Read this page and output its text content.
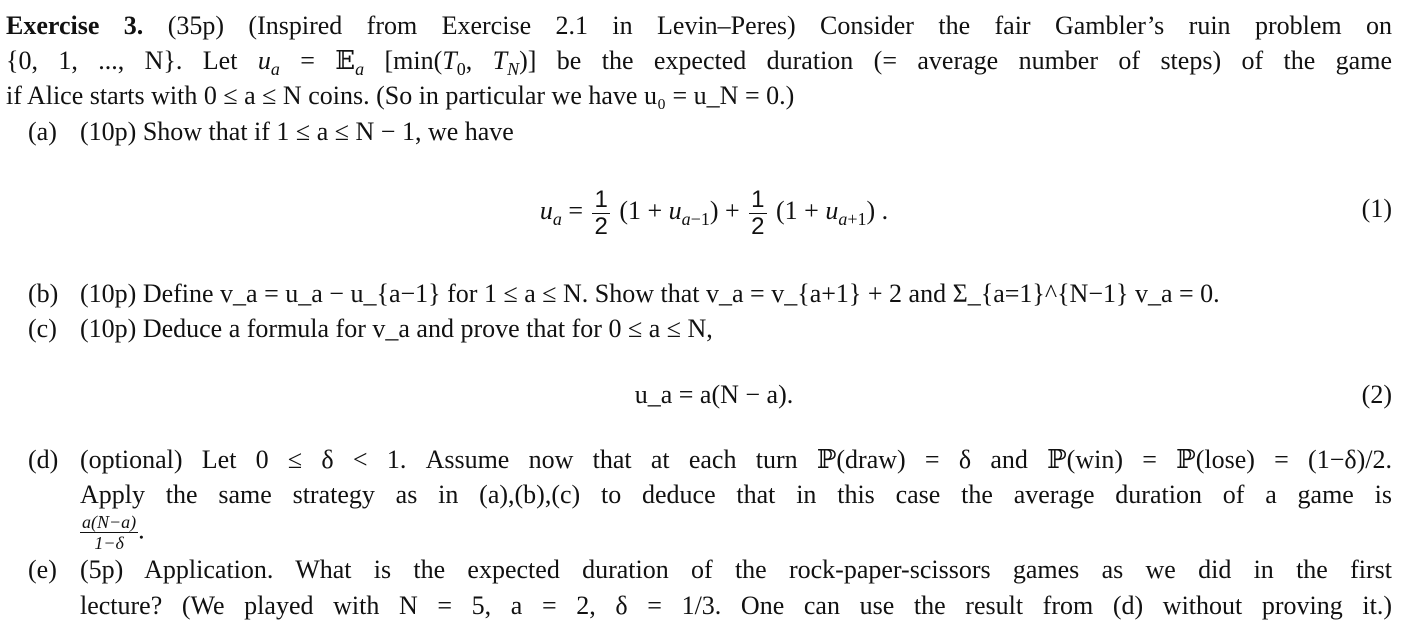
Exercise 3. (35p) (Inspired from Exercise 2.1 in Levin–Peres) Consider the fair Gambler’s ruin problem on
{0, 1, ..., N}. Let $u_a$ = 𝔼$_a$ [$\min(T_0$, $T_N$)] be the expected duration (= average number of steps) of the game
if Alice starts with 0 ≤ a ≤ N coins. (So in particular we have u₀ = u_N = 0.)
(a) (10p) Show that if 1 ≤ a ≤ N − 1, we have
$u_a = \frac{1}{2} (1 + u_{a-1}) + \frac{1}{2} (1 + u_{a+1})$ .	(1)
(b) (10p) Define v_a = u_a − u_{a−1} for 1 ≤ a ≤ N. Show that v_a = v_{a+1} + 2 and Σ_{a=1}^{N−1} v_a = 0.
(c) (10p) Deduce a formula for v_a and prove that for 0 ≤ a ≤ N,
u_a = a(N − a).	(2)
(d) (optional) Let 0 ≤ δ < 1. Assume now that at each turn ℙ(draw) = δ and ℙ(win) = ℙ(lose) = (1−δ)/2.
Apply the same strategy as in (a),(b),(c) to deduce that in this case the average duration of a game is
$\frac{a(N-a)}{1-\delta}$ .
(e) (5p) Application. What is the expected duration of the rock-paper-scissors games as we did in the first
lecture? (We played with N = 5, a = 2, δ = 1/3. One can use the result from (d) without proving it.)
